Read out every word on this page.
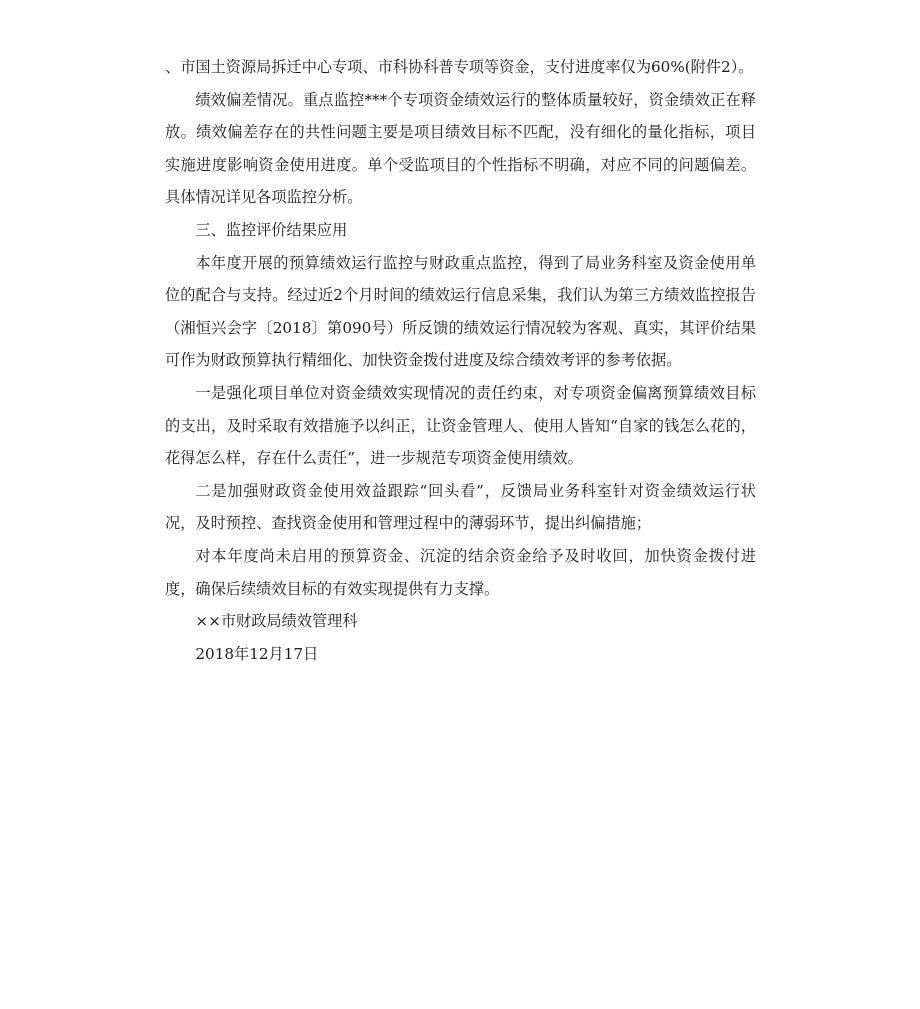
、市国土资源局拆迁中心专项、市科协科普专项等资金，支付进度率仅为60%(附件2）。

绩效偏差情况。重点监控***个专项资金绩效运行的整体质量较好，资金绩效正在释放。绩效偏差存在的共性问题主要是项目绩效目标不匹配，没有细化的量化指标，项目实施进度影响资金使用进度。单个受监项目的个性指标不明确，对应不同的问题偏差。具体情况详见各项监控分析。

三、监控评价结果应用

本年度开展的预算绩效运行监控与财政重点监控，得到了局业务科室及资金使用单位的配合与支持。经过近2个月时间的绩效运行信息采集，我们认为第三方绩效监控报告（湘恒兴会字〔2018〕第090号）所反馈的绩效运行情况较为客观、真实，其评价结果可作为财政预算执行精细化、加快资金拨付进度及综合绩效考评的参考依据。

一是强化项目单位对资金绩效实现情况的责任约束，对专项资金偏离预算绩效目标的支出，及时采取有效措施予以纠正，让资金管理人、使用人皆知“自家的钱怎么花的，花得怎么样，存在什么责任”，进一步规范专项资金使用绩效。

二是加强财政资金使用效益跟踪“回头看”，反馈局业务科室针对资金绩效运行状况，及时预控、查找资金使用和管理过程中的薄弱环节，提出纠偏措施；

对本年度尚未启用的预算资金、沉淀的结余资金给予及时收回，加快资金拨付进度，确保后续绩效目标的有效实现提供有力支撑。

××市财政局绩效管理科

2018年12月17日
